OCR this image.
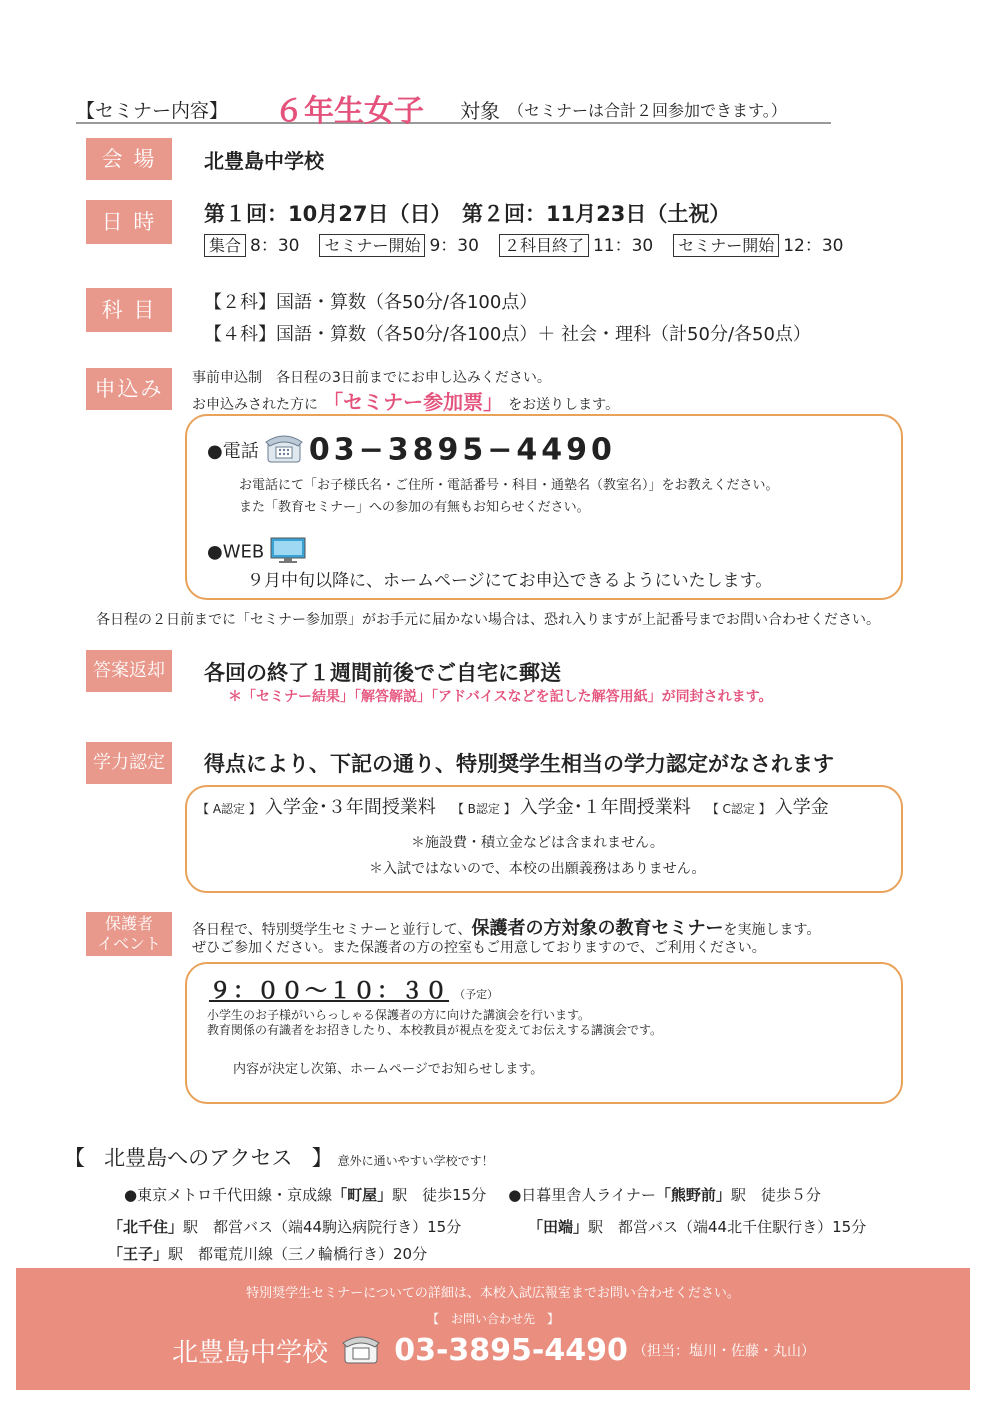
【セミナー内容】 ６年生女子 対象 （セミナーは合計２回参加できます。）
会 場	北豊島中学校
日 時	第１回：10月27日（日）　第２回：11月23日（土祝）
集合 8：30 セミナー開始 9：30 ２科目終了 11：30 セミナー開始 12：30
科 目	【２科】国語・算数（各50分/各100点）
【４科】国語・算数（各50分/各100点）＋ 社会・理科（計50分/各50点）
申込み	事前申込制　各日程の3日前までにお申し込みください。
お申込みされた方に 「セミナー参加票」 をお送りします。
●電話 03−3895−4490
お電話にて「お子様氏名・ご住所・電話番号・科目・通塾名（教室名）」をお教えください。
また「教育セミナー」への参加の有無もお知らせください。
●WEB
９月中旬以降に、ホームページにてお申込できるようにいたします。
各日程の２日前までに「セミナー参加票」がお手元に届かない場合は、恐れ入りますが上記番号までお問い合わせください。
答案返却	各回の終了１週間前後でご自宅に郵送
＊「セミナー結果」「解答解説」「アドバイスなどを記した解答用紙」が同封されます。
学力認定	得点により、下記の通り、特別奨学生相当の学力認定がなされます
【 A認定 】 入学金･３年間授業料 【 B認定 】 入学金･１年間授業料 【 C認定 】 入学金
＊施設費・積立金などは含まれません。
＊入試ではないので、本校の出願義務はありません。
保護者
イベント
各日程で、特別奨学生セミナーと並行して、保護者の方対象の教育セミナーを実施します。
ぜひご参加ください。また保護者の方の控室もご用意しておりますので、ご利用ください。
９：００〜１０：３０ （予定）
小学生のお子様がいらっしゃる保護者の方に向けた講演会を行います。
教育関係の有識者をお招きしたり、本校教員が視点を変えてお伝えする講演会です。
内容が決定し次第、ホームページでお知らせします。
【 北豊島へのアクセス 】 意外に通いやすい学校です！
●東京メトロ千代田線・京成線「町屋」駅　徒歩15分 ●日暮里舎人ライナー「熊野前」駅　徒歩５分
「北千住」駅　都営バス（端44駒込病院行き）15分	「田端」駅　都営バス（端44北千住駅行き）15分
「王子」駅　都電荒川線（三ノ輪橋行き）20分
特別奨学生セミナーについての詳細は、本校入試広報室までお問い合わせください。
【　お問い合わせ先　】
北豊島中学校 03-3895-4490 （担当：塩川・佐藤・丸山）
